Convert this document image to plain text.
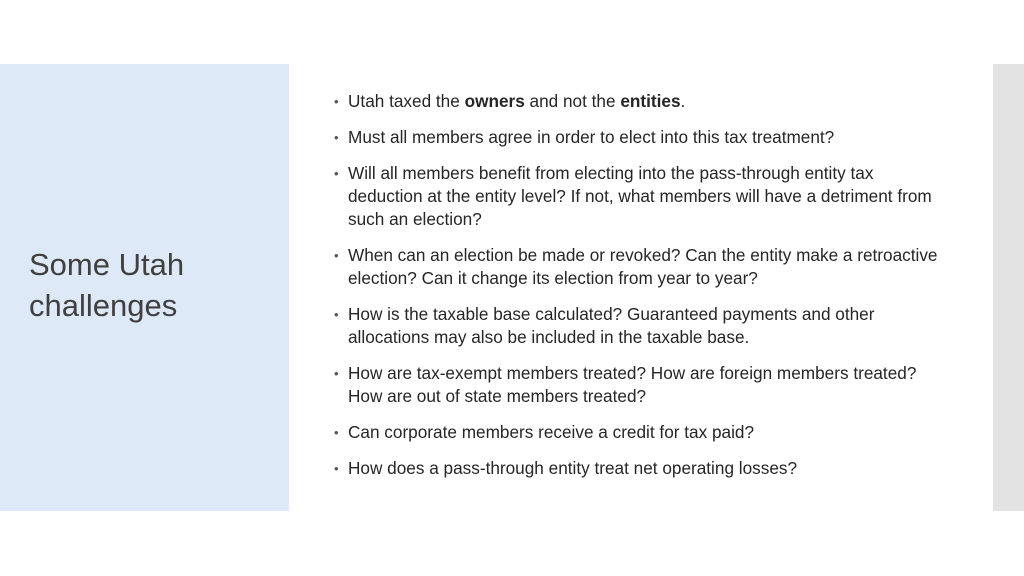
Some Utah challenges
• Utah taxed the owners and not the entities.
• Must all members agree in order to elect into this tax treatment?
• Will all members benefit from electing into the pass-through entity tax deduction at the entity level? If not, what members will have a detriment from such an election?
• When can an election be made or revoked? Can the entity make a retroactive election? Can it change its election from year to year?
• How is the taxable base calculated? Guaranteed payments and other allocations may also be included in the taxable base.
• How are tax-exempt members treated? How are foreign members treated? How are out of state members treated?
• Can corporate members receive a credit for tax paid?
• How does a pass-through entity treat net operating losses?
